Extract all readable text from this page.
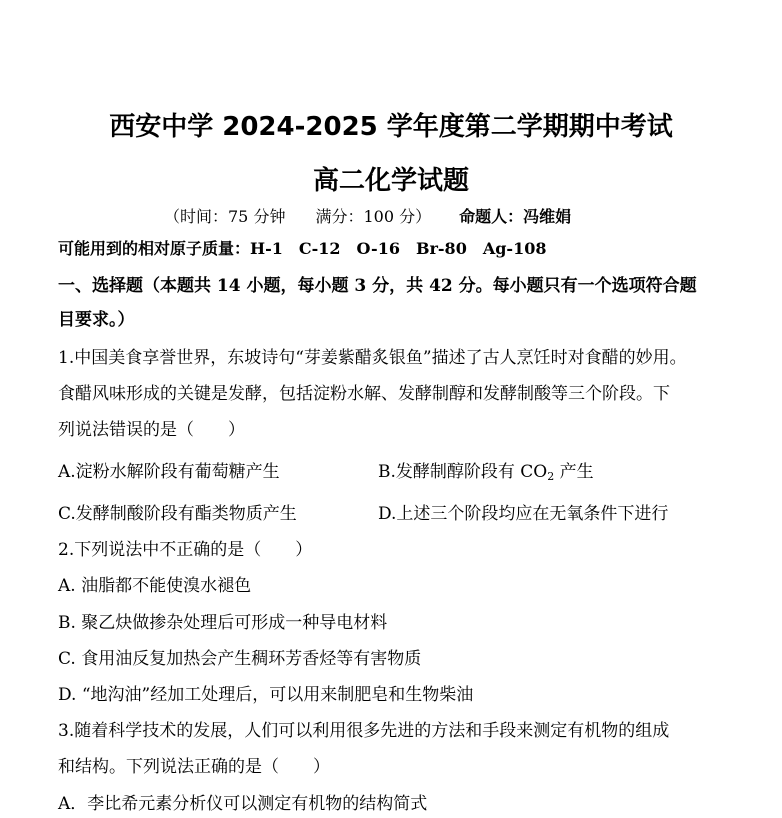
西安中学 2024-2025 学年度第二学期期中考试
高二化学试题
（时间：75 分钟 满分：100 分） 命题人：冯维娟
可能用到的相对原子质量：H-1　C-12　O-16　Br-80　Ag-108
一、选择题（本题共 14 小题，每小题 3 分，共 42 分。每小题只有一个选项符合题
目要求。）
1.中国美食享誉世界，东坡诗句“芽姜紫醋炙银鱼”描述了古人烹饪时对食醋的妙用。
食醋风味形成的关键是发酵，包括淀粉水解、发酵制醇和发酵制酸等三个阶段。下
列说法错误的是（　　）
A.淀粉水解阶段有葡萄糖产生	B.发酵制醇阶段有 $CO_2$ 产生
C.发酵制酸阶段有酯类物质产生	D.上述三个阶段均应在无氧条件下进行
2.下列说法中不正确的是（　　）
A. 油脂都不能使溴水褪色
B. 聚乙炔做掺杂处理后可形成一种导电材料
C. 食用油反复加热会产生稠环芳香烃等有害物质
D. “地沟油”经加工处理后，可以用来制肥皂和生物柴油
3.随着科学技术的发展，人们可以利用很多先进的方法和手段来测定有机物的组成
和结构。下列说法正确的是（　　）
A．李比希元素分析仪可以测定有机物的结构简式
